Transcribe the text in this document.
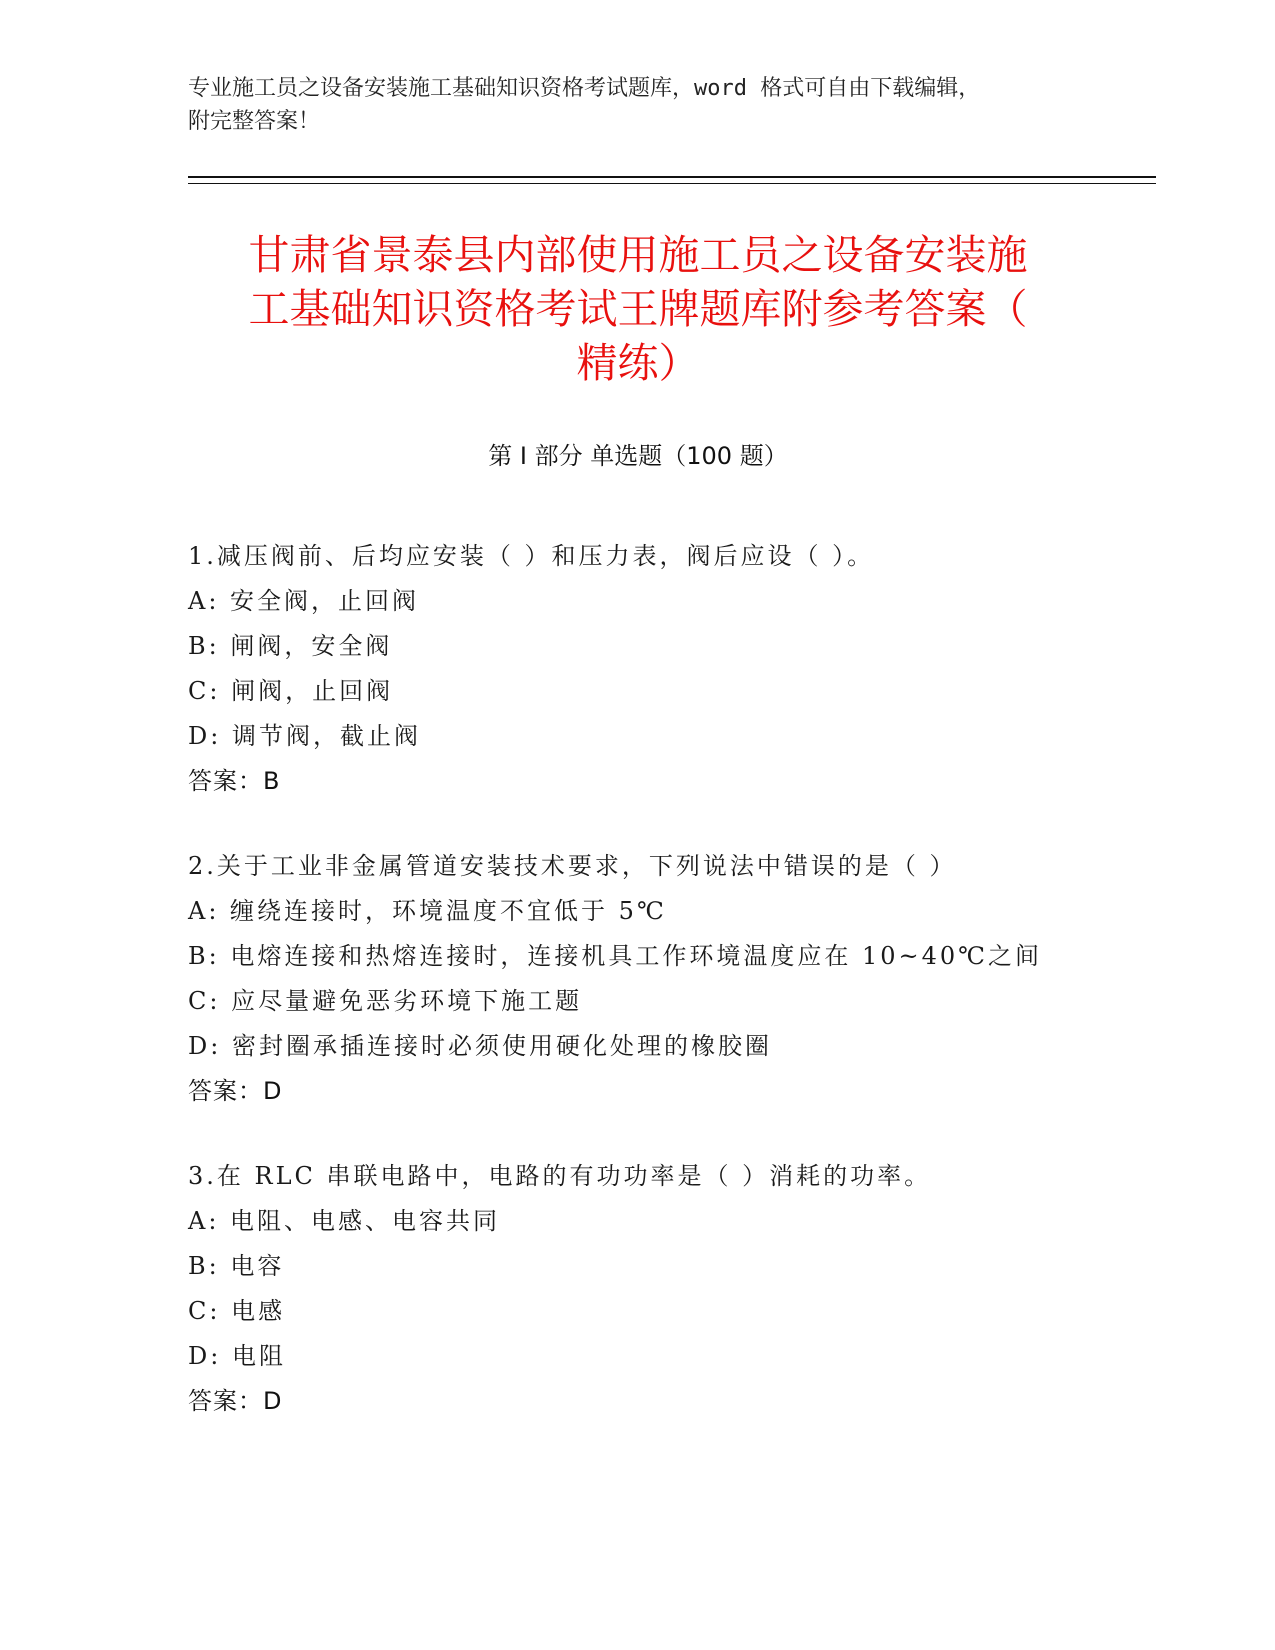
专业施工员之设备安装施工基础知识资格考试题库，word 格式可自由下载编辑，
附完整答案！
甘肃省景泰县内部使用施工员之设备安装施
工基础知识资格考试王牌题库附参考答案（
精练）
第 I 部分 单选题（100 题）
1.减压阀前、后均应安装（ ）和压力表，阀后应设（ ）。
A: 安全阀，止回阀
B: 闸阀，安全阀
C: 闸阀，止回阀
D: 调节阀，截止阀
答案：B
2.关于工业非金属管道安装技术要求，下列说法中错误的是（ ）
A: 缠绕连接时，环境温度不宜低于 5℃
B: 电熔连接和热熔连接时，连接机具工作环境温度应在 10~40℃之间
C: 应尽量避免恶劣环境下施工题
D: 密封圈承插连接时必须使用硬化处理的橡胶圈
答案：D
3.在 RLC 串联电路中，电路的有功功率是（ ）消耗的功率。
A: 电阻、电感、电容共同
B: 电容
C: 电感
D: 电阻
答案：D
